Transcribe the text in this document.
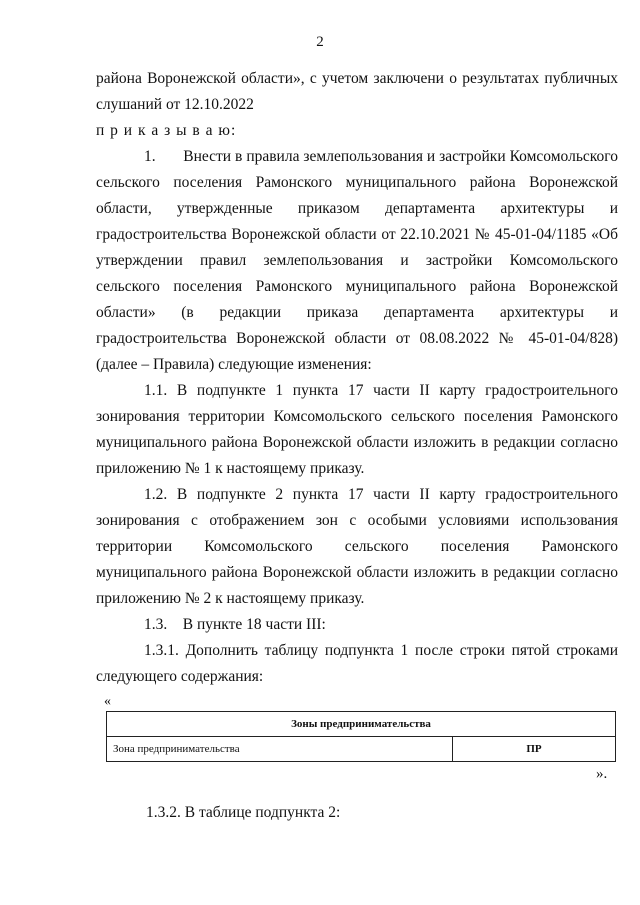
2
района Воронежской области», с учетом заключени о результатах публичных
слушаний от 12.10.2022
п р и к а з ы в а ю:
1.       Внести в правила землепользования и застройки Комсомольского
сельского поселения Рамонского муниципального района Воронежской
области, утвержденные приказом департамента архитектуры и
градостроительства Воронежской области от 22.10.2021 № 45-01-04/1185 «Об
утверждении правил землепользования и застройки Комсомольского
сельского поселения Рамонского муниципального района Воронежской
области» (в редакции приказа департамента архитектуры и
градостроительства Воронежской области от 08.08.2022 № 45-01-04/828)
(далее – Правила) следующие изменения:
1.1. В подпункте 1 пункта 17 части II карту градостроительного
зонирования территории Комсомольского сельского поселения Рамонского
муниципального района Воронежской области изложить в редакции согласно
приложению № 1 к настоящему приказу.
1.2. В подпункте 2 пункта 17 части II карту градостроительного
зонирования с отображением зон с особыми условиями использования
территории Комсомольского сельского поселения Рамонского
муниципального района Воронежской области изложить в редакции согласно
приложению № 2 к настоящему приказу.
1.3.    В пункте 18 части III:
1.3.1. Дополнить таблицу подпункта 1 после строки пятой строками
следующего содержания:
«
Зоны предпринимательства
Зона предпринимательства	ПР
».
1.3.2. В таблице подпункта 2:
